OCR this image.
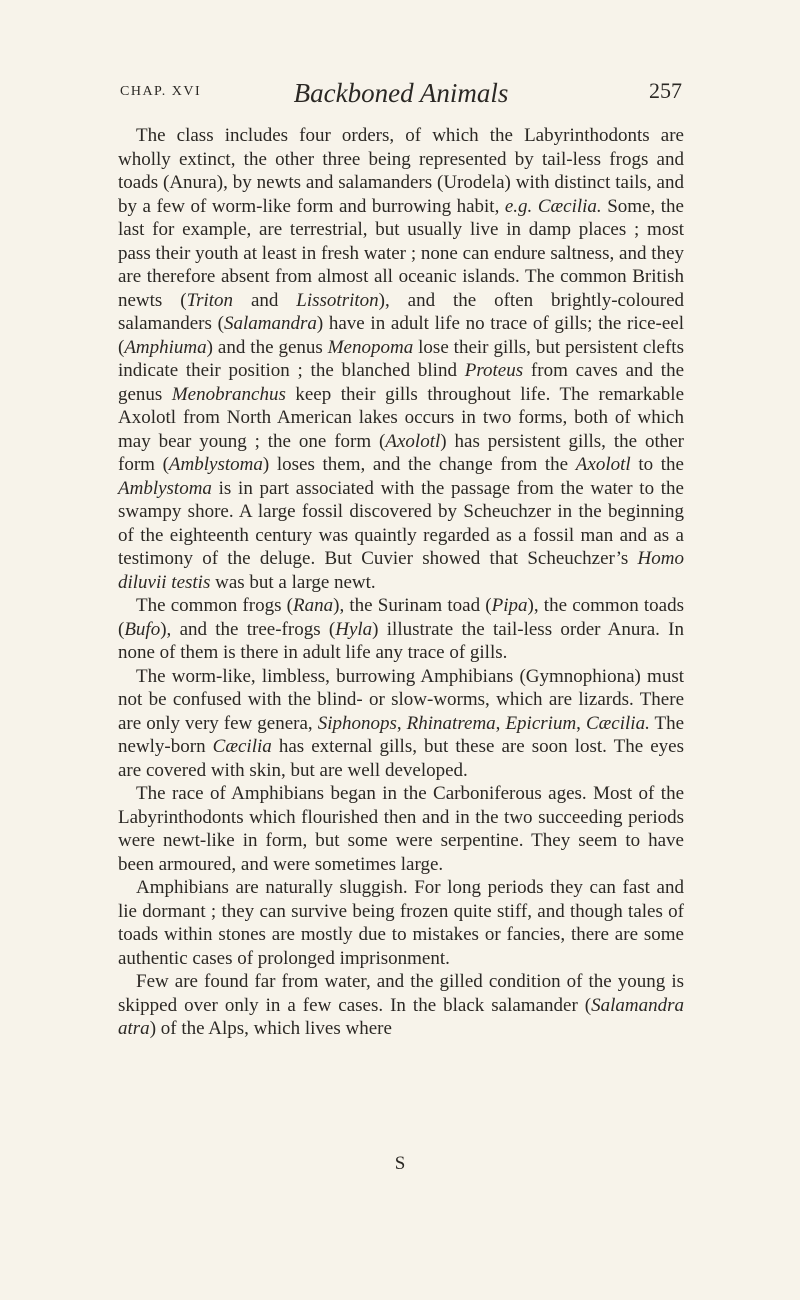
CHAP. XVI	Backboned Animals	257

The class includes four orders, of which the Labyrinthodonts are wholly extinct, the other three being represented by tail-less frogs and toads (Anura), by newts and salamanders (Urodela) with distinct tails, and by a few of worm-like form and burrowing habit, e.g. Cæcilia. Some, the last for example, are terrestrial, but usually live in damp places ; most pass their youth at least in fresh water ; none can endure saltness, and they are therefore absent from almost all oceanic islands. The common British newts (Triton and Lissotriton), and the often brightly-coloured salamanders (Salamandra) have in adult life no trace of gills; the rice-eel (Amphiuma) and the genus Menopoma lose their gills, but persistent clefts indicate their position ; the blanched blind Proteus from caves and the genus Menobranchus keep their gills throughout life. The remarkable Axolotl from North American lakes occurs in two forms, both of which may bear young ; the one form (Axolotl) has persistent gills, the other form (Amblystoma) loses them, and the change from the Axolotl to the Amblystoma is in part associated with the passage from the water to the swampy shore. A large fossil discovered by Scheuchzer in the beginning of the eighteenth century was quaintly regarded as a fossil man and as a testimony of the deluge. But Cuvier showed that Scheuchzer’s Homo diluvii testis was but a large newt.

The common frogs (Rana), the Surinam toad (Pipa), the common toads (Bufo), and the tree-frogs (Hyla) illustrate the tail-less order Anura. In none of them is there in adult life any trace of gills.

The worm-like, limbless, burrowing Amphibians (Gymnophiona) must not be confused with the blind- or slow-worms, which are lizards. There are only very few genera, Siphonops, Rhinatrema, Epicrium, Cæcilia. The newly-born Cæcilia has external gills, but these are soon lost. The eyes are covered with skin, but are well developed.

The race of Amphibians began in the Carboniferous ages. Most of the Labyrinthodonts which flourished then and in the two succeeding periods were newt-like in form, but some were serpentine. They seem to have been armoured, and were sometimes large.

Amphibians are naturally sluggish. For long periods they can fast and lie dormant ; they can survive being frozen quite stiff, and though tales of toads within stones are mostly due to mistakes or fancies, there are some authentic cases of prolonged imprisonment.

Few are found far from water, and the gilled condition of the young is skipped over only in a few cases. In the black salamander (Salamandra atra) of the Alps, which lives where

S
